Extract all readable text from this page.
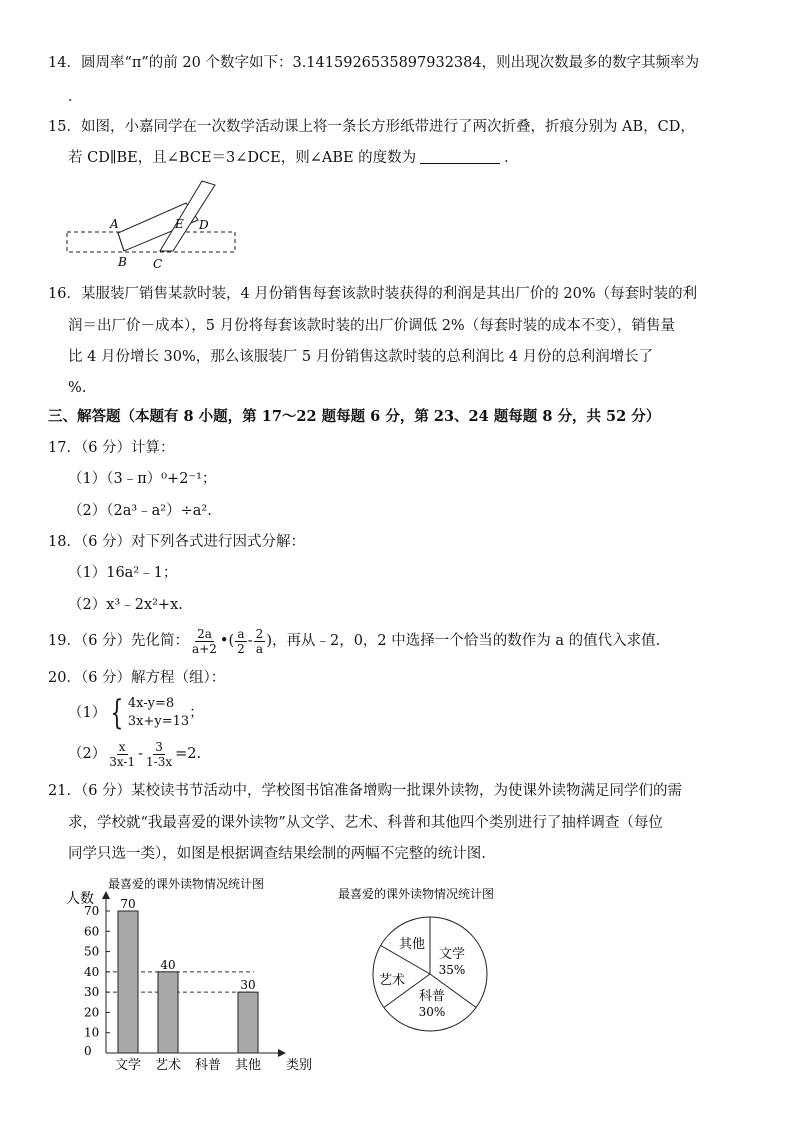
14．圆周率“π”的前 20 个数字如下：3.1415926535897932384，则出现次数最多的数字其频率为
．
15．如图，小嘉同学在一次数学活动课上将一条长方形纸带进行了两次折叠，折痕分别为 AB，CD，
若 CD∥BE，且∠BCE＝3∠DCE，则∠ABE 的度数为	．
A
B C
D
E
16．某服装厂销售某款时装，4 月份销售每套该款时装获得的利润是其出厂价的 20%（每套时装的利
润＝出厂价－成本），5 月份将每套该款时装的出厂价调低 2%（每套时装的成本不变），销售量
比 4 月份增长 30%，那么该服装厂 5 月份销售这款时装的总利润比 4 月份的总利润增长了
%.
三、解答题（本题有 8 小题，第 17～22 题每题 6 分，第 23、24 题每题 8 分，共 52 分）
17．（6 分）计算：
（1）（3﹣π）⁰+2⁻¹；
（2）（2a³﹣a²）÷a².
18．（6 分）对下列各式进行因式分解：
（1）16a²﹣1；
（2）x³﹣2x²+x.
19．（6 分）先化简： $\frac{2a}{a+2}$ •( $\frac{a}{2} - \frac{2}{a}$ )，再从﹣2，0，2 中选择一个恰当的数作为 a 的值代入求值.
20．（6 分）解方程（组）：
（1） { 4x-y=8
3x+y=13
；
$(2) \frac{x}{3x-1} - \frac{3}{1-3x} =2$.
21．（6 分）某校读书节活动中，学校图书馆准备增购一批课外读物，为使课外读物满足同学们的需
求，学校就“我最喜爱的课外读物”从文学、艺术、科普和其他四个类别进行了抽样调查（每位
同学只选一类），如图是根据调查结果绘制的两幅不完整的统计图.
最喜爱的课外读物情况统计图
人数
类别
0
10
20
30
40
50
60
70 70
文学
40
艺术 科普
30
其他
最喜爱的课外读物情况统计图
文学
35%
科普
30%
艺术
其他
